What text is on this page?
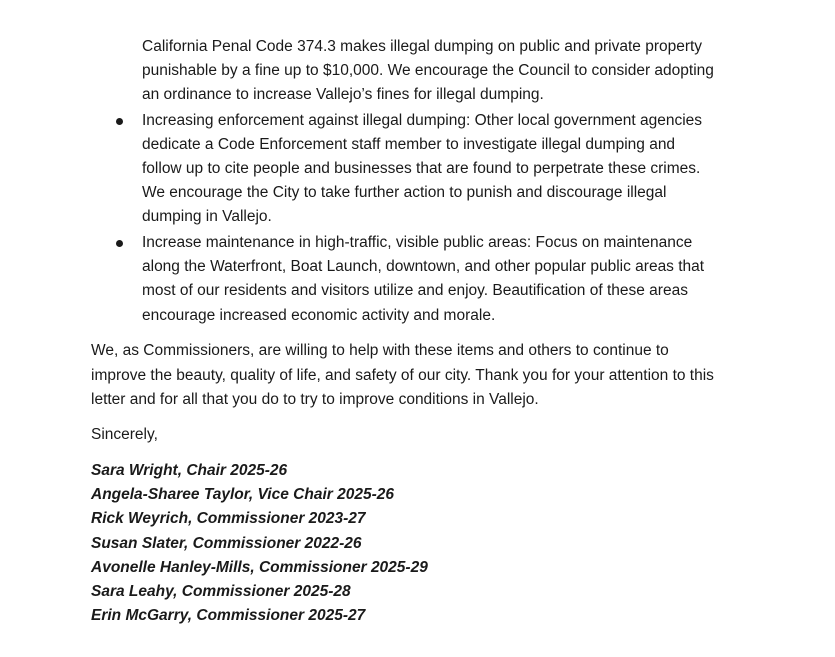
California Penal Code 374.3 makes illegal dumping on public and private property
punishable by a fine up to $10,000. We encourage the Council to consider adopting
an ordinance to increase Vallejo’s fines for illegal dumping.
Increasing enforcement against illegal dumping: Other local government agencies
dedicate a Code Enforcement staff member to investigate illegal dumping and
follow up to cite people and businesses that are found to perpetrate these crimes.
We encourage the City to take further action to punish and discourage illegal
dumping in Vallejo.
Increase maintenance in high-traffic, visible public areas: Focus on maintenance
along the Waterfront, Boat Launch, downtown, and other popular public areas that
most of our residents and visitors utilize and enjoy. Beautification of these areas
encourage increased economic activity and morale.
We, as Commissioners, are willing to help with these items and others to continue to
improve the beauty, quality of life, and safety of our city. Thank you for your attention to this
letter and for all that you do to try to improve conditions in Vallejo.
Sincerely,
Sara Wright, Chair 2025-26
Angela-Sharee Taylor, Vice Chair 2025-26
Rick Weyrich, Commissioner 2023-27
Susan Slater, Commissioner 2022-26
Avonelle Hanley-Mills, Commissioner 2025-29
Sara Leahy, Commissioner 2025-28
Erin McGarry, Commissioner 2025-27
